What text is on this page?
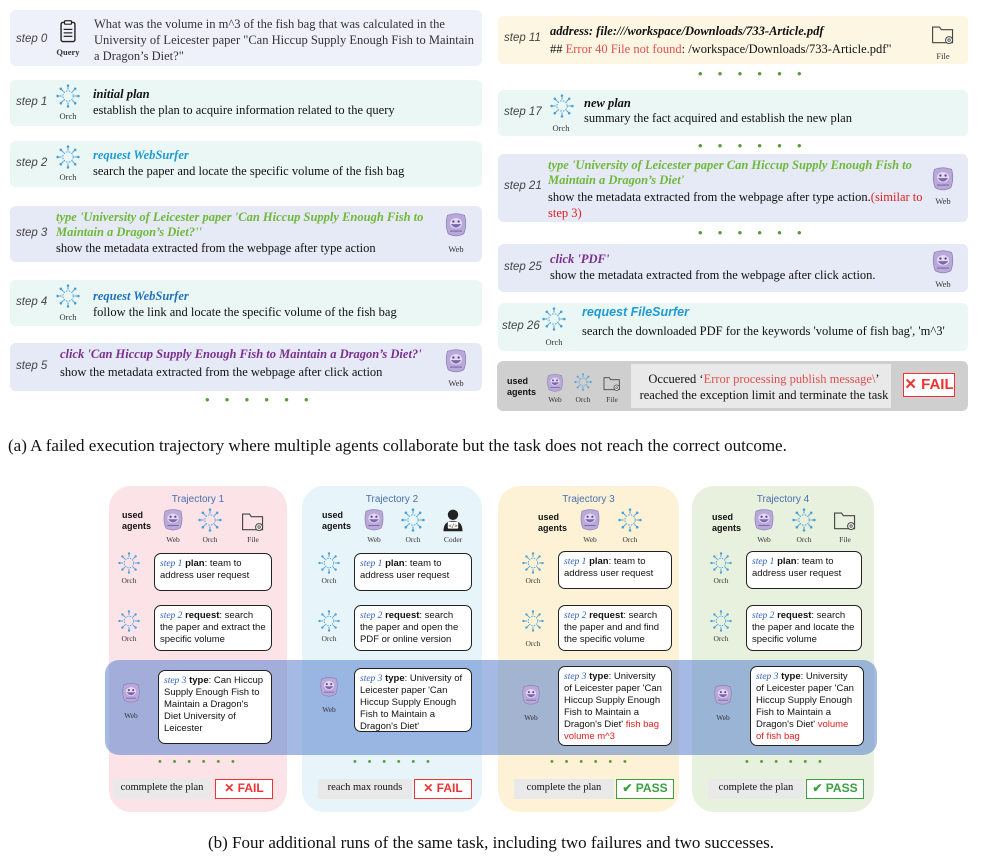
step 0
Query
What was the volume in m^3 of the fish bag that was calculated in the University of Leicester paper "Can Hiccup Supply Enough Fish to Maintain a Dragon’s Diet?"
step 1
Orch
initial plan
establish the plan to acquire information related to the query
step 2
Orch
request WebSurfer
search the paper and locate the specific volume of the fish bag
step 3
type 'University of Leicester paper 'Can Hiccup Supply Enough Fish to Maintain a Dragon’s Diet?''
show the metadata extracted from the webpage after type action	Web
step 4
Orch
request WebSurfer
follow the link and locate the specific volume of the fish bag
step 5
click 'Can Hiccup Supply Enough Fish to Maintain a Dragon’s Diet?'
show the metadata extracted from the webpage after click action
Web
• • • • • •
step 11 address: file:///workspace/Downloads/733-Article.pdf
## Error 40 File not found: /workspace/Downloads/733-Article.pdf"	File
• • • • • •
step 17
Orch
new plan
summary the fact acquired and establish the new plan
• • • • • •
step 21
type 'University of Leicester paper Can Hiccup Supply Enough Fish to Maintain a Dragon’s Diet'
show the metadata extracted from the webpage after type action.(similar to step 3)
Web
• • • • • •
step 25
click 'PDF'
show the metadata extracted from the webpage after click action.
Web
step 26
Orch
request FileSurfer
search the downloaded PDF for the keywords 'volume of fish bag', 'm^3'
used agents
Web	Orch	File
Occuered ‘Error processing publish message\’
reached the exception limit and terminate the task
✕ FAIL
(a) A failed execution trajectory where multiple agents collaborate but the task does not reach the correct outcome.
Trajectory 1
used agents
Web	Orch	File
Orch
step 1 plan: team to address user request
Orch
step 2 request: search the paper and extract the specific volume
Web
step 3 type: Can Hiccup Supply Enough Fish to Maintain a Dragon's Diet University of Leicester
• • • • • •
commplete the plan	✕ FAIL
Trajectory 2
used agents
Web	Orch	Coder
Orch
step 1 plan: team to address user request
Orch
step 2 request: search the paper and open the PDF or online version
Web
step 3 type: University of Leicester paper 'Can Hiccup Supply Enough Fish to Maintain a Dragon's Diet'
• • • • • •
reach max rounds	✕ FAIL
Trajectory 3
used agents
Web	Orch
Orch
step 1 plan: team to address user request
Orch
step 2 request: search the paper and and find the specific volume
Web
step 3 type: University of Leicester paper 'Can Hiccup Supply Enough Fish to Maintain a Dragon's Diet' fish bag volume m^3
• • • • • •
complete the plan	✔ PASS
Trajectory 4
used agents
Web	Orch	File
Orch
step 1 plan: team to address user request
Orch
step 2 request: search the paper and locate the specific volume
Web
step 3 type: University of Leicester paper 'Can Hiccup Supply Enough Fish to Maintain a Dragon's Diet' volume of fish bag
• • • • • •
complete the plan	✔ PASS
(b) Four additional runs of the same task, including two failures and two successes.
